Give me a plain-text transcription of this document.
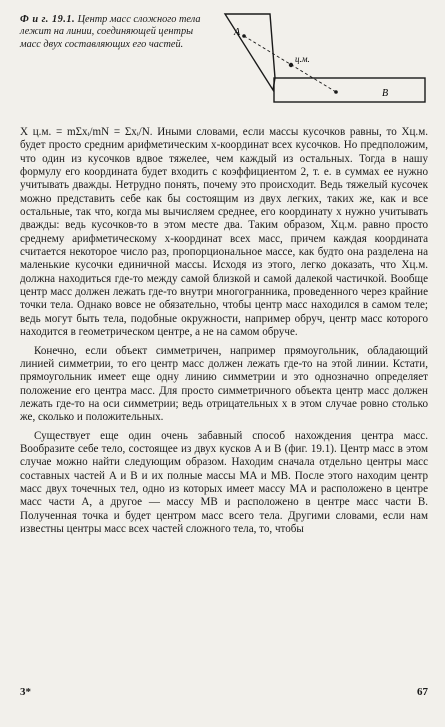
Ф и г. 19.1. Центр масс сложного тела лежит на линии, соединяющей центры масс двух составляющих его частей.
A
ц.м.
B

X ц.м. = mΣxᵢ/mN = Σxᵢ/N. Иными словами, если массы кусочков равны, то Xц.м. будет просто средним арифметическим x-координат всех кусочков. Но предположим, что один из кусочков вдвое тяжелее, чем каждый из остальных. Тогда в нашу формулу его координата будет входить с коэффициентом 2, т. е. в суммах ее нужно учитывать дважды. Нетрудно понять, почему это происходит. Ведь тяжелый кусочек можно представить себе как бы состоящим из двух легких, таких же, как и все остальные, так что, когда мы вычисляем среднее, его координату x нужно учитывать дважды: ведь кусочков-то в этом месте два. Таким образом, Xц.м. равно просто среднему арифметическому x-координат всех масс, причем каждая координата считается некоторое число раз, пропорциональное массе, как будто она разделена на маленькие кусочки единичной массы. Исходя из этого, легко доказать, что Xц.м. должна находиться где-то между самой близкой и самой далекой частичкой. Вообще центр масс должен лежать где-то внутри многогранника, проведенного через крайние точки тела. Однако вовсе не обязательно, чтобы центр масс находился в самом теле; ведь могут быть тела, подобные окружности, например обруч, центр масс которого находится в геометрическом центре, а не на самом обруче.

Конечно, если объект симметричен, например прямоугольник, обладающий линией симметрии, то его центр масс должен лежать где-то на этой линии. Кстати, прямоугольник имеет еще одну линию симметрии и это однозначно определяет положение его центра масс. Для просто симметричного объекта центр масс должен лежать где-то на оси симметрии; ведь отрицательных x в этом случае ровно столько же, сколько и положительных.

Существует еще один очень забавный способ нахождения центра масс. Вообразите себе тело, состоящее из двух кусков A и B (фиг. 19.1). Центр масс в этом случае можно найти следующим образом. Находим сначала отдельно центры масс составных частей A и B и их полные массы MA и MB. После этого находим центр масс двух точечных тел, одно из которых имеет массу MA и расположено в центре масс части A, а другое — массу MB и расположено в центре масс части B. Полученная точка и будет центром масс всего тела. Другими словами, если нам известны центры масс всех частей сложного тела, то, чтобы

3*	67
